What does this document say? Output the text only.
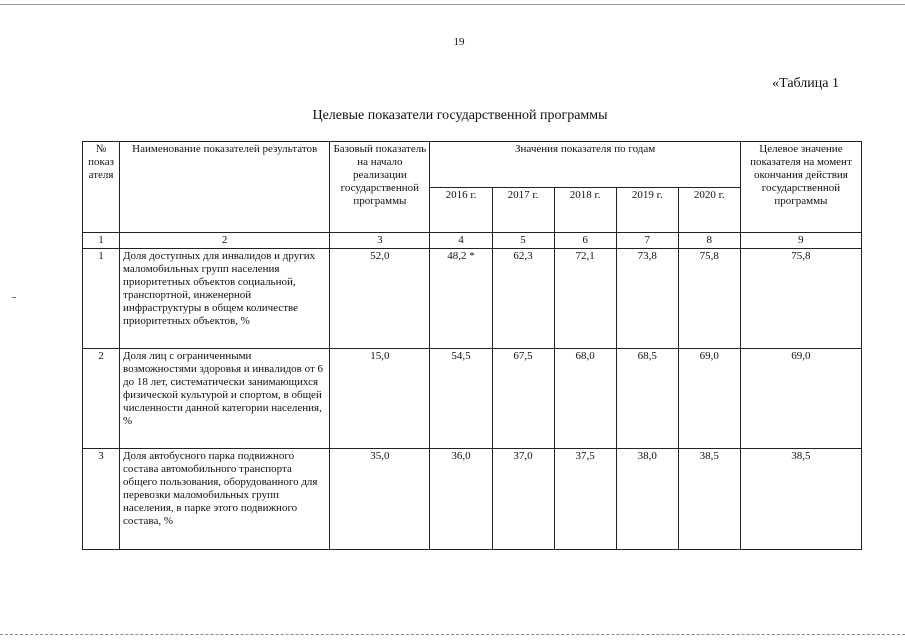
19
«Таблица 1
Целевые показатели государственной программы
№ показ ателя	Наименование показателей результатов	Базовый показатель на начало реализации государственной программы	Значения показателя по годам					Целевое значение показателя на момент окончания действия государственной программы
			2016 г.	2017 г.	2018 г.	2019 г.	2020 г.	
1	2	3	4	5	6	7	8	9
1	Доля доступных для инвалидов и других маломобильных групп населения приоритетных объектов социальной, транспортной, инженерной инфраструктуры в общем количестве приоритетных объектов, %	52,0	48,2 *	62,3	72,1	73,8	75,8	75,8
2	Доля лиц с ограниченными возможностями здоровья и инвалидов от 6 до 18 лет, систематически занимающихся физической культурой и спортом, в общей численности данной категории населения, %	15,0	54,5	67,5	68,0	68,5	69,0	69,0
3	Доля автобусного парка подвижного состава автомобильного транспорта общего пользования, оборудованного для перевозки маломобильных групп населения, в парке этого подвижного состава, %	35,0	36,0	37,0	37,5	38,0	38,5	38,5
